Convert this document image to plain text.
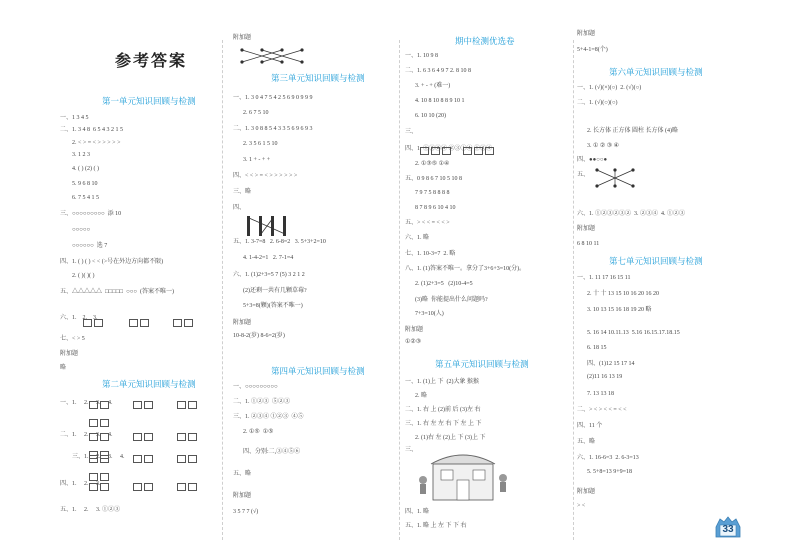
参考答案
第一单元知识回顾与检测
一、1 3 4 5
二、1. 3 4 8  6 5 4 3 2 1 5
2. < > = < > > > > >
3. 1 2 3
4. ( ) (2) ( )
5. 9 6 8 10
6. 7 5 4 1 5
三、○○○○○○○○○  添 10
○○○○○
○○○○○○  选 7
四、1. ( ) ( ) < < (>号在外边方向都不限)
2. ( )( )( )
五、△△△△△  □□□□□  ○○○  (答案不唯一)
六、1.    2.    3.
七、< > 5
附加题
略

第二单元知识回顾与检测
一、1.     2.     3.     4.
二、1.     2.     3.     4.
三、1.     2.     3.     4.
四、1.     2.     3.
五、1.     2.     3. ①②③
附加题
第三单元知识回顾与检测
一、1. 3 0 4 7 5 4 2 5 6 9 0 9 9 9
2. 6 7 5 10
二、1. 3 0 8 8 5 4 3 3 5 6 9 6 9 3
2. 3 5 6 1 5 10
3. 1 + - + +
四、< < > = < > > > > > >
三、略
四、
五、1. 3-7=8   2. 6-8=2   3. 5+3+2=10
4. 1-4-2=1   2. 7-1=4
六、1. (1)2+3=5 7 (5) 3 2 1 2
(2)还剩一共有几颗草莓?
5+3=8(颗)(答案不唯一)
附加题
10-8-2(岁) 8-6=2(岁)
第四单元知识回顾与检测
一、○○○○○○○○○
二、1. ①②③  ⑤②③
三、1. ②③④ ①②③  ④⑤
2. ①⑤  ①⑤
四、分别:二,③④⑤⑥
五、略
附加题
3 5 7 7 (√)
期中检测优选卷
一、1. 10 9 8
二、1. 6 3 6 4 9 7 2. 8 10 8
3. + - + (难一)
4. 10 8 10 8 8 9 10 1
6. 10 10 (20)
三、
四、1. ①③②④ ②③①④ ①③④
2. ①③⑤ ①④
五、0 9 8 6 7 10 5 10 8
7 9 7 5 8 8 8 8
8 7 8 9 6 10 4 10
五、> < < = < < >
六、1. 略
七、1. 10-3=7  2. 略
八、1. (1)答案不唯一。拿分了3+6+3=10(分)。
2. (1)2+3=5   (2)10-4=5
(3)略  你能提出什么问题吗?
7+3=10(人)
附加题
①②③
第五单元知识回顾与检测
一、1. (1)上 下  (2)大象 猴猴
2. 略
二、1. 右 上 (2)前 后 (3)左 右
三、1. 右 左 左 右 下 左 上 下
2. (1)右 左 (2)上 下 (3)上 下
三、
四、1. 略
五、1. 略 上 左 下 下 右
附加题
5+4-1=8(个)
第六单元知识回顾与检测
一、1. (√)(×)(○)  2. (√)(○)
二、1. (√)(○)(○)
2. 长方体 正方体 圆柱 长方体 (4)略
3. ① ② ③ ④
四、●●○○●
五、
六、1. ①②③②③②  3. ②③④  4. ①②③
附加题
6 8 10 11
第七单元知识回顾与检测
一、1. 11 17 16 15 11
2. 十 十 13 15 10 16 20 16 20
3. 10 13 15 16 18 19 20 略
5. 16 14 10.11.13  5.16 16.15.17.18.15
6. 18 15
四、(1)12 15 17 14
(2)11 16 13 19
7. 13 13 18
二、> < > < < = < <
四、11 个
五、略
六、1. 16-6=3  2. 6-3=13
5. 5+8=13 9+9=18
附加题
> <
33
